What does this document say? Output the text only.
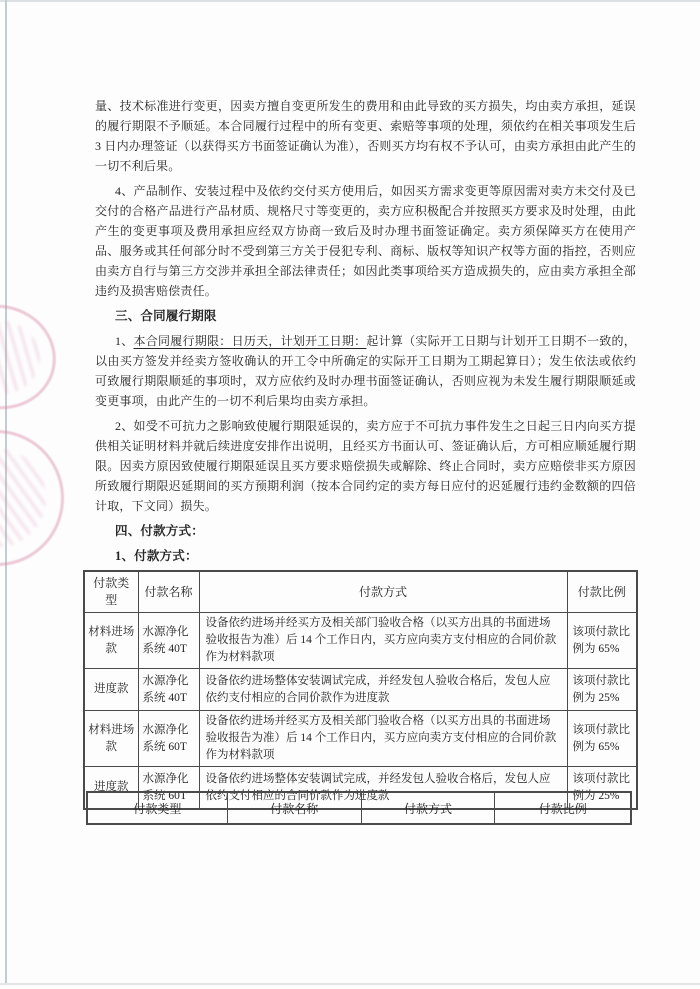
量、技术标准进行变更，因卖方擅自变更所发生的费用和由此导致的买方损失，均由卖方承担，延误的履行期限不予顺延。本合同履行过程中的所有变更、索赔等事项的处理，须依约在相关事项发生后3 日内办理签证（以获得买方书面签证确认为准），否则买方均有权不予认可，由卖方承担由此产生的一切不利后果。

4、产品制作、安装过程中及依约交付买方使用后，如因买方需求变更等原因需对卖方未交付及已交付的合格产品进行产品材质、规格尺寸等变更的，卖方应积极配合并按照买方要求及时处理，由此产生的变更事项及费用承担应经双方协商一致后及时办理书面签证确定。卖方须保障买方在使用产品、服务或其任何部分时不受到第三方关于侵犯专利、商标、版权等知识产权等方面的指控，否则应由卖方自行与第三方交涉并承担全部法律责任；如因此类事项给买方造成损失的，应由卖方承担全部违约及损害赔偿责任。

三、合同履行期限

1、本合同履行期限：日历天，计划开工日期：起计算（实际开工日期与计划开工日期不一致的，以由买方签发并经卖方签收确认的开工令中所确定的实际开工日期为工期起算日）；发生依法或依约可致履行期限顺延的事项时，双方应依约及时办理书面签证确认，否则应视为未发生履行期限顺延或变更事项，由此产生的一切不利后果均由卖方承担。

2、如受不可抗力之影响致使履行期限延误的，卖方应于不可抗力事件发生之日起三日内向买方提供相关证明材料并就后续进度安排作出说明，且经买方书面认可、签证确认后，方可相应顺延履行期限。因卖方原因致使履行期限延误且买方要求赔偿损失或解除、终止合同时，卖方应赔偿非买方原因所致履行期限迟延期间的买方预期利润（按本合同约定的卖方每日应付的迟延履行违约金数额的四倍计取，下文同）损失。

四、付款方式：

1、付款方式：

付款类型	付款名称	付款方式	付款比例
材料进场款	水源净化系统 40T	设备依约进场并经买方及相关部门验收合格（以买方出具的书面进场验收报告为准）后 14 个工作日内，买方应向卖方支付相应的合同价款作为材料款项	该项付款比例为 65%
进度款	水源净化系统 40T	设备依约进场整体安装调试完成，并经发包人验收合格后，发包人应依约支付相应的合同价款作为进度款	该项付款比例为 25%
材料进场款	水源净化系统 60T	设备依约进场并经买方及相关部门验收合格（以买方出具的书面进场验收报告为准）后 14 个工作日内，买方应向卖方支付相应的合同价款作为材料款项	该项付款比例为 65%
进度款	水源净化系统 60T	设备依约进场整体安装调试完成，并经发包人验收合格后，发包人应依约支付相应的合同价款作为进度款	该项付款比例为 25%
付款类型	付款名称	付款方式	付款比例
